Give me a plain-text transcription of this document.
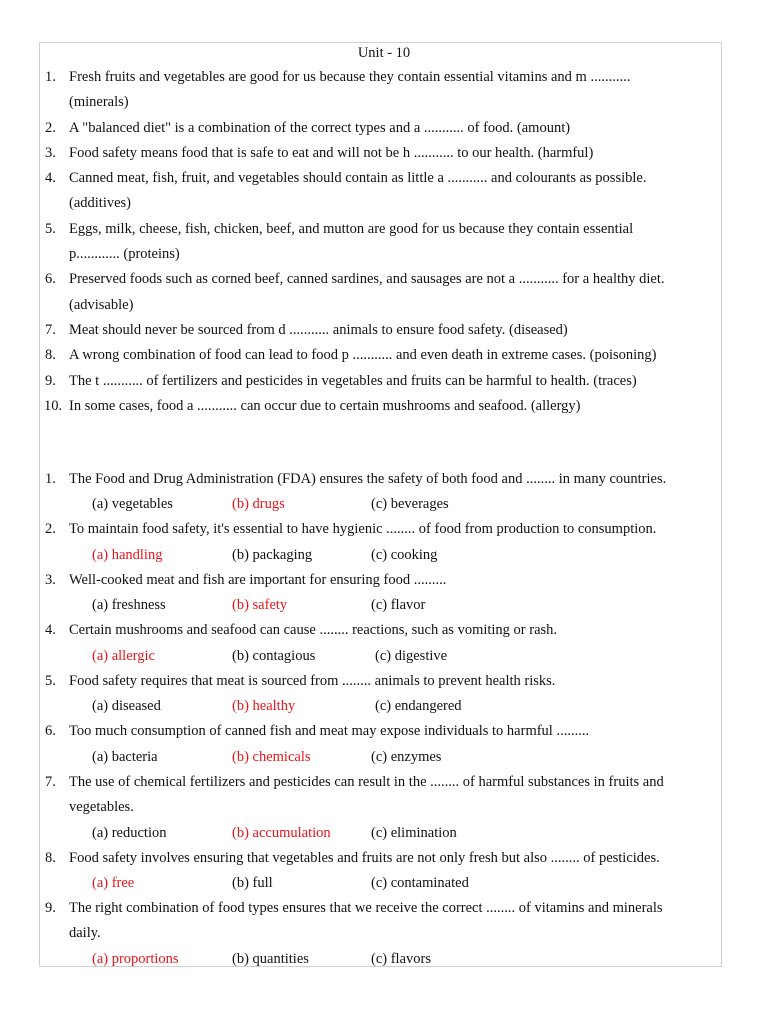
Unit - 10
1. Fresh fruits and vegetables are good for us because they contain essential vitamins and m ...........
(minerals)
2. A "balanced diet" is a combination of the correct types and a ........... of food. (amount)
3. Food safety means food that is safe to eat and will not be h ........... to our health. (harmful)
4. Canned meat, fish, fruit, and vegetables should contain as little a ........... and colourants as possible.
(additives)
5. Eggs, milk, cheese, fish, chicken, beef, and mutton are good for us because they contain essential
p............ (proteins)
6. Preserved foods such as corned beef, canned sardines, and sausages are not a ........... for a healthy diet.
(advisable)
7. Meat should never be sourced from d ........... animals to ensure food safety. (diseased)
8. A wrong combination of food can lead to food p ........... and even death in extreme cases. (poisoning)
9. The t ........... of fertilizers and pesticides in vegetables and fruits can be harmful to health. (traces)
10. In some cases, food a ........... can occur due to certain mushrooms and seafood. (allergy)
1. The Food and Drug Administration (FDA) ensures the safety of both food and ........ in many countries.
(a) vegetables	(b) drugs	(c) beverages
2. To maintain food safety, it's essential to have hygienic ........ of food from production to consumption.
(a) handling	(b) packaging	(c) cooking
3. Well-cooked meat and fish are important for ensuring food .........
(a) freshness	(b) safety	(c) flavor
4. Certain mushrooms and seafood can cause ........ reactions, such as vomiting or rash.
(a) allergic	(b) contagious	(c) digestive
5. Food safety requires that meat is sourced from ........ animals to prevent health risks.
(a) diseased	(b) healthy	(c) endangered
6. Too much consumption of canned fish and meat may expose individuals to harmful .........
(a) bacteria	(b) chemicals	(c) enzymes
7. The use of chemical fertilizers and pesticides can result in the ........ of harmful substances in fruits and
vegetables.
(a) reduction	(b) accumulation	(c) elimination
8. Food safety involves ensuring that vegetables and fruits are not only fresh but also ........ of pesticides.
(a) free	(b) full	(c) contaminated
9. The right combination of food types ensures that we receive the correct ........ of vitamins and minerals
daily.
(a) proportions	(b) quantities	(c) flavors
